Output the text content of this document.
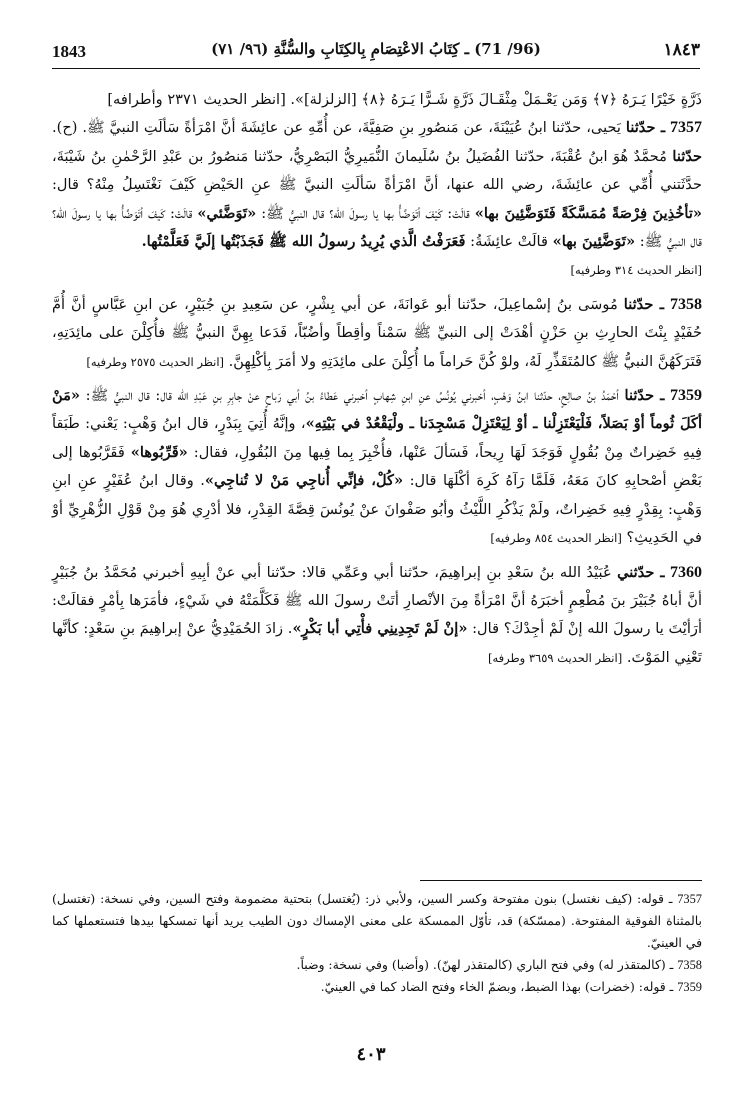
1843	(96/ 71) ـ كِتَابُ الاعْتِصَامِ بِالكِتَابِ والسُّنَّةِ (٩٦/ ٧١)	١٨٤٣

ذَرَّةٍ خَيْرًا يَـرَهُ ﴿٧﴾ وَمَن يَعْـمَلْ مِثْقَـالَ ذَرَّةٍ شَـرًّا يَـرَهُ ﴿٨﴾ [الزلزلة]». [انظر الحديث ٢٣٧١ وأطرافه]

7357 ـ حدّثنا يَحيى، حدّثنا ابنُ عُيَيْنَةَ، عن مَنصُورِ بنِ صَفِيَّةَ، عن أُمِّهِ عن عائِشَةَ أنَّ امْرَأةً سَألَتِ النبيَّ ﷺ. (ح). حدّثنا مُحمَّدٌ هُوَ ابنُ عُقْبَةَ، حدّثنا الفُضَيلُ بنُ سُلَيمانَ النُّمَيرِيُّ البَصْرِيُّ، حدّثنا مَنصُورُ بن عَبْدِ الرَّحْمٰنِ بنُ شَيْبَةَ، حدَّثَتني أُمِّي عن عائِشَةَ، رضي الله عنها، أنَّ امْرَأةً سَألَتِ النبيَّ ﷺ عنِ الحَيْضِ كَيْفَ نَغْتَسِلُ مِنْهُ؟ قال: «تأخُذِينَ فِرْصَةً مُمَسَّكَةً فَتَوَضَّئِينَ بها» قالَتْ: كَيْفَ أتَوَضَّأُ بها يا رسولَ الله؟ قال النبيُّ ﷺ: «تَوَضَّئي» قالَتْ: كَيفَ أتَوَضَّأُ بها يا رسولَ الله؟ قال النبيُّ ﷺ: «تَوَضَّئِينَ بها» قالَتْ عائِشَةُ: فَعَرَفْتُ الَّذي يُرِيدُ رسولُ الله ﷺ فَجَذَبْتُها إلَيَّ فَعَلَّمْتُها.
[انظر الحديث ٣١٤ وطرفيه]

7358 ـ حدّثنا مُوسَى بنُ إسْماعِيلَ، حدّثنا أبو عَوانَةَ، عن أبي بِشْرٍ، عن سَعِيدِ بنِ جُبَيْرٍ، عن ابنِ عَبَّاسٍ أنَّ أُمَّ حُفَيْدٍ بِنْتَ الحارِثِ بنِ حَزْنٍ أهْدَتْ إلى النبيِّ ﷺ سَمْناً وأقِطاً وأضُبّاً، فَدَعا بِهِنَّ النبيُّ ﷺ فأُكِلْنَ على مائِدَتِهِ، فَتَرَكَهُنَّ النبيُّ ﷺ كالمُتَقَذِّرِ لَهُ، ولوْ كُنَّ حَراماً ما أُكِلْنَ على مائِدَتِهِ ولا أمَرَ بِأكْلِهِنَّ. [انظر الحديث ٢٥٧٥ وطرفيه]

7359 ـ حدّثنا أحْمَدُ بنُ صالِحٍ، حدّثنا ابنُ وَهْبٍ، أخبرني يُونُسُ عنِ ابنِ شِهابٍ أخبرني عَطاءُ بنُ أبي رَباحٍ عنْ جابِرِ بنِ عَبْدِ الله قال: قال النبيُّ ﷺ: «مَنْ أكَلَ ثُوماً أوْ بَصَلاً، فَلْيَعْتَزِلْنا ـ أوْ لِيَعْتَزِلْ مَسْجِدَنا ـ ولْيَقْعُدْ في بَيْتِهِ»، وإنَّهُ أُتِيَ بِبَدْرٍ، قال ابنُ وَهْبٍ: يَعْني: طَبَقاً فِيهِ خَضِراتٌ مِنْ بُقُولٍ فَوَجَدَ لَهَا رِيحاً، فَسَألَ عَنْها، فأُخْبِرَ بِما فِيها مِنَ البُقُولِ، فقال: «قَرِّبُوها» فَقَرَّبُوها إلى بَعْضِ أصْحابِهِ كانَ مَعَهُ، فَلَمَّا رَآهُ كَرِهَ أكْلَهَا قال: «كُلْ، فإنِّي أُناجِي مَنْ لا تُناجِي». وقال ابنُ عُفَيْرٍ عنِ ابنِ وَهْبٍ: بِقِدْرٍ فِيهِ خَضِراتٌ، ولَمْ يَذْكُرِ اللَّيْثُ وأبُو صَفْوانَ عنْ يُونُسَ قِصَّةَ القِدْرِ، فلا أدْرِي هُوَ مِنْ قَوْلِ الزُّهْرِيِّ أوْ في الحَدِيثِ؟ [انظر الحديث ٨٥٤ وطرفيه]

7360 ـ حدّثني عُبَيْدُ الله بنُ سَعْدِ بنِ إبراهِيمَ، حدّثنا أبي وعَمِّي قالا: حدّثنا أبي عنْ أبِيهِ أخبرني مُحَمَّدُ بنُ جُبَيْرٍ أنَّ أباهُ جُبَيْرَ بنَ مُطْعِمٍ أخبَرَهُ أنَّ امْرَأةً مِنَ الأنْصارِ أتَتْ رسولَ الله ﷺ فَكَلَّمَتْهُ في شَيْءٍ، فأمَرَها بِأمْرٍ فقالَتْ: أرَأيْتَ يا رسولَ الله إنْ لَمْ أجِدْكَ؟ قال: «إنْ لَمْ تَجِدِينِي فأْتِي أبا بَكْرٍ». زادَ الحُمَيْدِيُّ عنْ إبراهِيمَ بنِ سَعْدٍ: كأنَّها تَعْنِي المَوْتَ. [انظر الحديث ٣٦٥٩ وطرفه]

7357 ـ قوله: (كيف نغتسل) بنون مفتوحة وكسر السين، ولأبي ذر: (يُغتسل) بتحتية مضمومة وفتح السين، وفي نسخة: (تغتسل) بالمثناة الفوقية المفتوحة. (ممسّكة) قد، تأوّل الممسكة على معنى الإمساك دون الطيب يريد أنها تمسكها بيدها فتستعملها كما في العينيّ.

7358 ـ (كالمتقذر له) وفي فتح الباري (كالمتقذر لهنّ). (وأضبا) وفي نسخة: وضباً.

7359 ـ قوله: (خضرات) بهذا الضبط، وبضمّ الخاء وفتح الضاد كما في العينيّ.

٤٠٣
